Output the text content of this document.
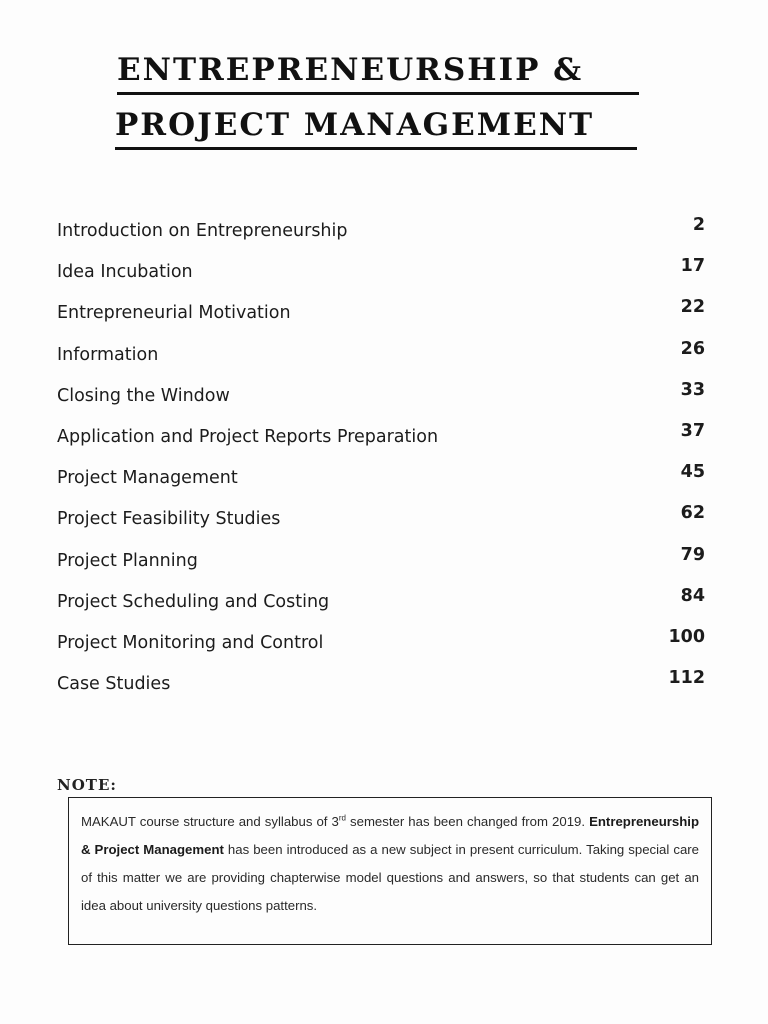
ENTREPRENEURSHIP &
PROJECT MANAGEMENT
Introduction on Entrepreneurship	2
Idea Incubation	17
Entrepreneurial Motivation	22
Information	26
Closing the Window	33
Application and Project Reports Preparation	37
Project Management	45
Project Feasibility Studies	62
Project Planning	79
Project Scheduling and Costing	84
Project Monitoring and Control	100
Case Studies	112
NOTE:
MAKAUT course structure and syllabus of 3rd semester has been changed from 2019. Entrepreneurship & Project Management has been introduced as a new subject in present curriculum. Taking special care of this matter we are providing chapterwise model questions and answers, so that students can get an idea about university questions patterns.
